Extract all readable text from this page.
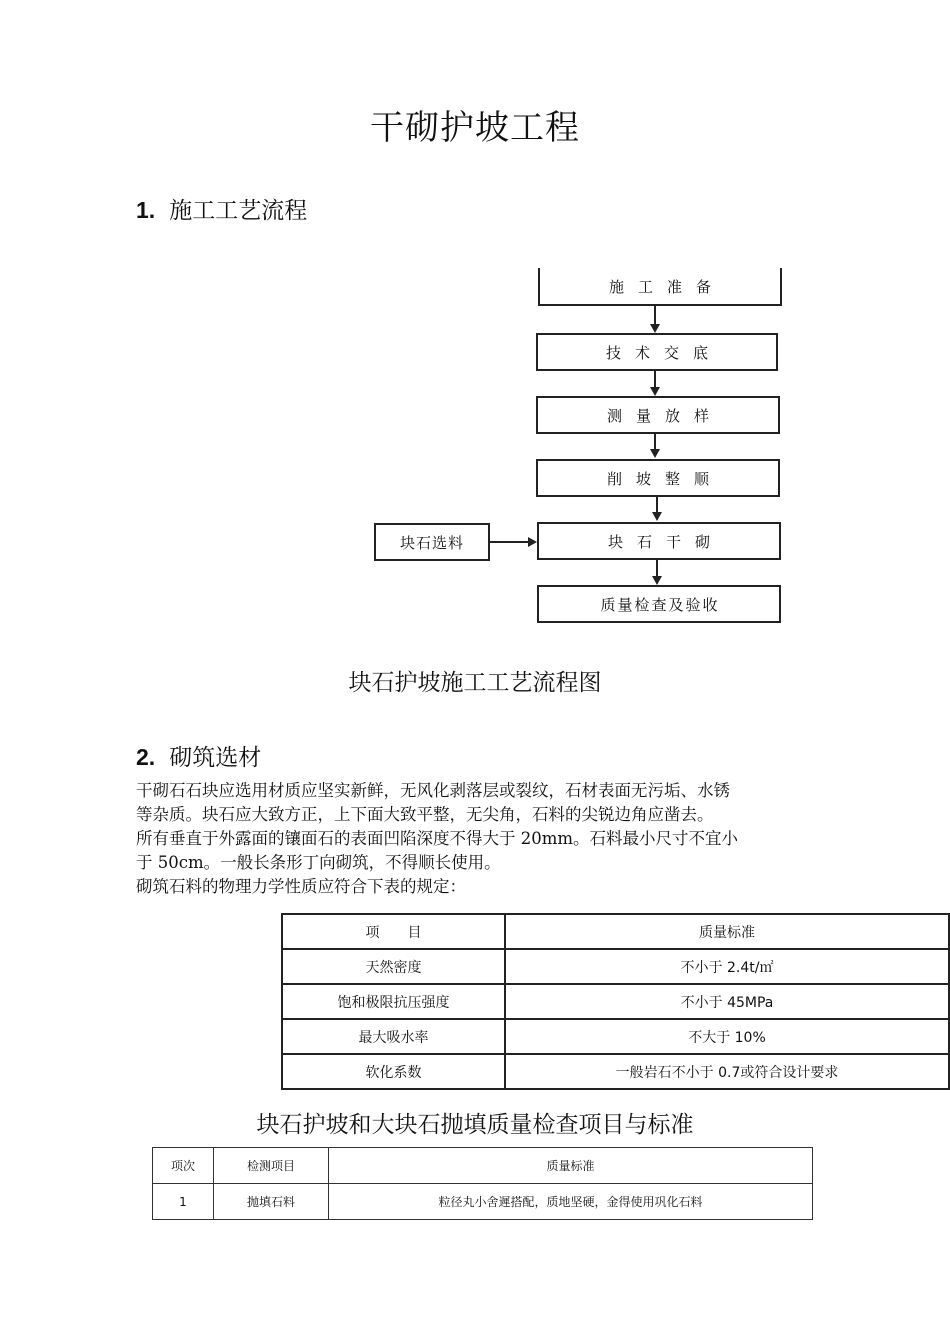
干砌护坡工程
1. 施工工艺流程
施工准备
技术交底
测量放样
削坡整顺
块石选料	块石干砌
质量检查及验收
块石护坡施工工艺流程图
2. 砌筑选材

干砌石石块应选用材质应坚实新鲜，无风化剥落层或裂纹，石材表面无污垢、水锈

等杂质。块石应大致方正，上下面大致平整，无尖角，石料的尖锐边角应凿去。

所有垂直于外露面的镶面石的表面凹陷深度不得大于 20mm。石料最小尺寸不宜小

于 50cm。一般长条形丁向砌筑，不得顺长使用。

砌筑石料的物理力学性质应符合下表的规定：

项　　目	质量标准
天然密度	不小于 2.4t/㎡
饱和极限抗压强度	不小于 45MPa
最大吸水率	不大于 10%
软化系数	一般岩石不小于 0.7或符合设计要求
块石护坡和大块石抛填质量检查项目与标准
项次	检测项目	质量标准
1	抛填石料	粒径丸小舍遲搭配，质地坚硬，金得使用巩化石料
